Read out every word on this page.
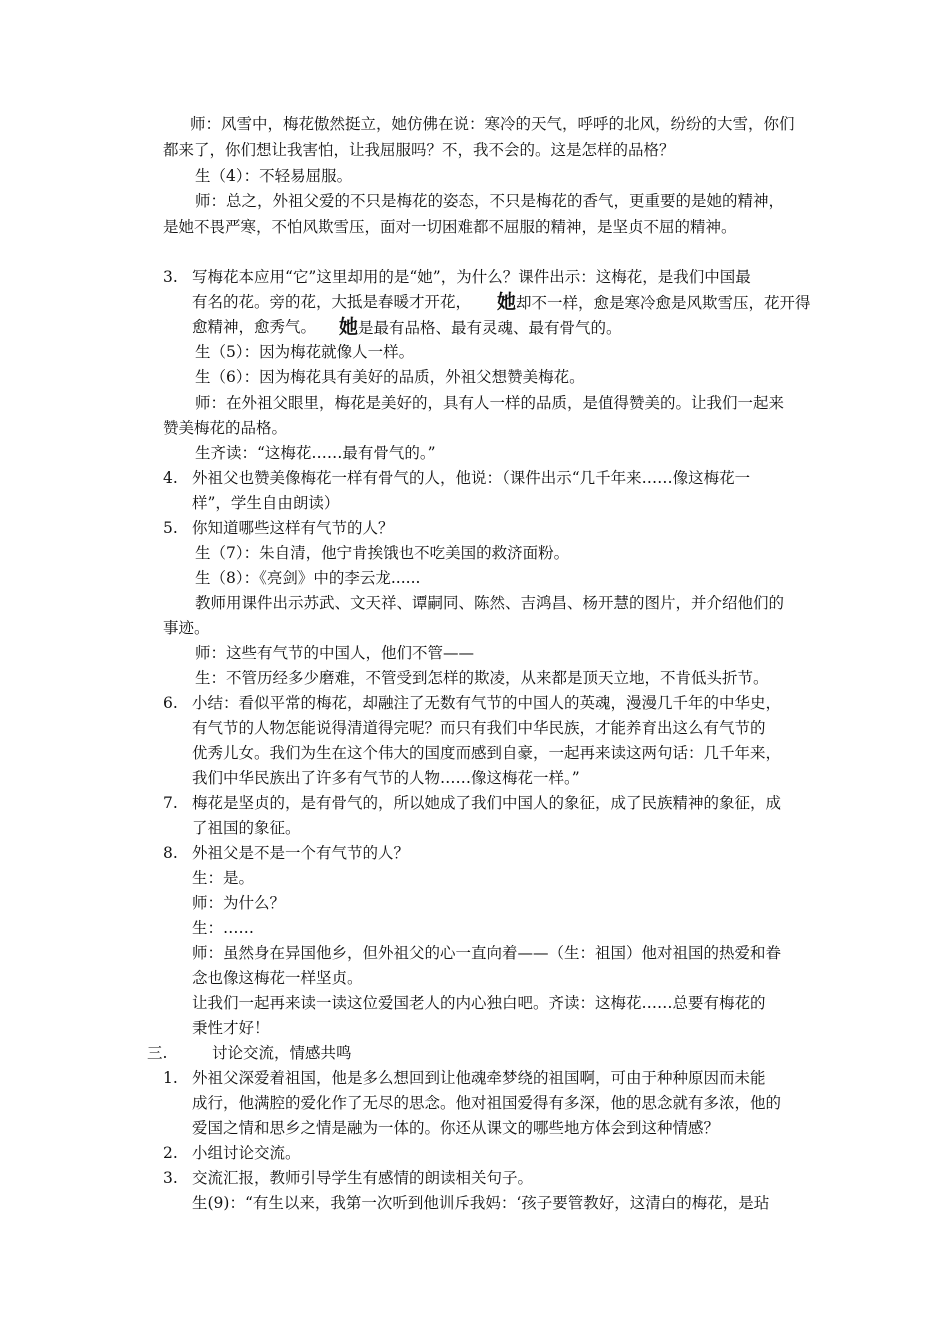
师：风雪中，梅花傲然挺立，她仿佛在说：寒冷的天气，呼呼的北风，纷纷的大雪，你们
都来了，你们想让我害怕，让我屈服吗？不，我不会的。这是怎样的品格？
生（4）：不轻易屈服。
师：总之，外祖父爱的不只是梅花的姿态，不只是梅花的香气，更重要的是她的精神，
是她不畏严寒，不怕风欺雪压，面对一切困难都不屈服的精神，是坚贞不屈的精神。
写梅花本应用“它”这里却用的是“她”，为什么？课件出示：这梅花，是我们中国最
有名的花。旁的花，大抵是春暖才开花，
愈精神，愈秀气。
生（5）：因为梅花就像人一样。
生（6）：因为梅花具有美好的品质，外祖父想赞美梅花。
师：在外祖父眼里，梅花是美好的，具有人一样的品质，是值得赞美的。让我们一起来
赞美梅花的品格。
生齐读：“这梅花……最有骨气的。”
外祖父也赞美像梅花一样有骨气的人，他说：（课件出示“几千年来……像这梅花一
样”，学生自由朗读）
你知道哪些这样有气节的人？
生（7）：朱自清，他宁肯挨饿也不吃美国的救济面粉。
生（8）：《亮剑》中的李云龙......
教师用课件出示苏武、文天祥、谭嗣同、陈然、吉鸿昌、杨开慧的图片，并介绍他们的
事迹。
师：这些有气节的中国人，他们不管——
生：不管历经多少磨难，不管受到怎样的欺凌，从来都是顶天立地，不肯低头折节。
小结：看似平常的梅花，却融注了无数有气节的中国人的英魂，漫漫几千年的中华史，
有气节的人物怎能说得清道得完呢？而只有我们中华民族，才能养育出这么有气节的
优秀儿女。我们为生在这个伟大的国度而感到自豪，一起再来读这两句话：几千年来，
我们中华民族出了许多有气节的人物……像这梅花一样。”
梅花是坚贞的，是有骨气的，所以她成了我们中国人的象征，成了民族精神的象征，成
了祖国的象征。
外祖父是不是一个有气节的人？
生：是。
师：为什么？
生：……
师：虽然身在异国他乡，但外祖父的心一直向着——（生：祖国）他对祖国的热爱和眷
念也像这梅花一样坚贞。
让我们一起再来读一读这位爱国老人的内心独白吧。齐读：这梅花……总要有梅花的
秉性才好！
讨论交流，情感共鸣
外祖父深爱着祖国，他是多么想回到让他魂牵梦绕的祖国啊，可由于种种原因而未能
成行，他满腔的爱化作了无尽的思念。他对祖国爱得有多深，他的思念就有多浓，他的
爱国之情和思乡之情是融为一体的。你还从课文的哪些地方体会到这种情感？
小组讨论交流。
交流汇报，教师引导学生有感情的朗读相关句子。
生(9)：“有生以来，我第一次听到他训斥我妈：‘孩子要管教好，这清白的梅花，是玷
3.
4.
5.
6.
7.
8.
三.
1.
2.
3.
她却不一样，愈是寒冷愈是风欺雪压，花开得
她是最有品格、最有灵魂、最有骨气的。
